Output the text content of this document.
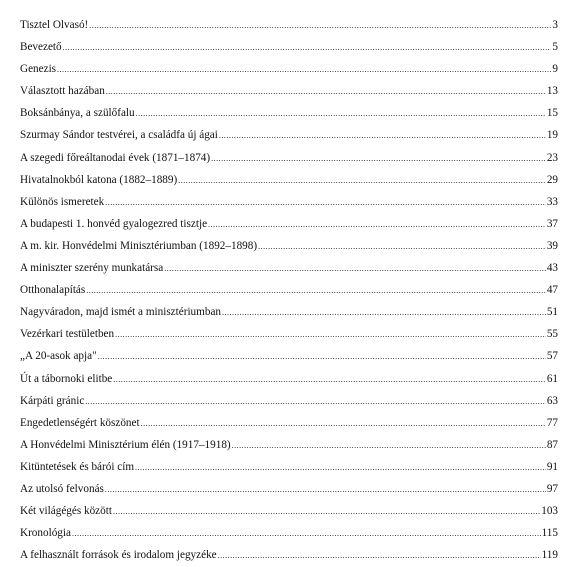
Tisztel Olvasó! .....	3
Bevezető .....	5
Genezis .....	9
Választott hazában .....	13
Boksánbánya, a szülőfalu .....	15
Szurmay Sándor testvérei, a családfa új ágai .....	19
A szegedi főreáltanodai évek (1871–1874) .....	23
Hivatalnokból katona (1882–1889) .....	29
Különös ismeretek .....	33
A budapesti 1. honvéd gyalogezred tisztje .....	37
A m. kir. Honvédelmi Minisztériumban (1892–1898) .....	39
A miniszter szerény munkatársa .....	43
Otthonalapítás .....	47
Nagyváradon, majd ismét a minisztériumban .....	51
Vezérkari testületben .....	55
„A 20-asok apja" .....	57
Út a tábornoki elitbe .....	61
Kárpáti gránic .....	63
Engedetlenségért köszönet .....	77
A Honvédelmi Minisztérium élén (1917–1918) .....	87
Kitüntetések és bárói cím .....	91
Az utolsó felvonás .....	97
Két világégés között .....	103
Kronológia .....	115
A felhasznált források és irodalom jegyzéke .....	119
